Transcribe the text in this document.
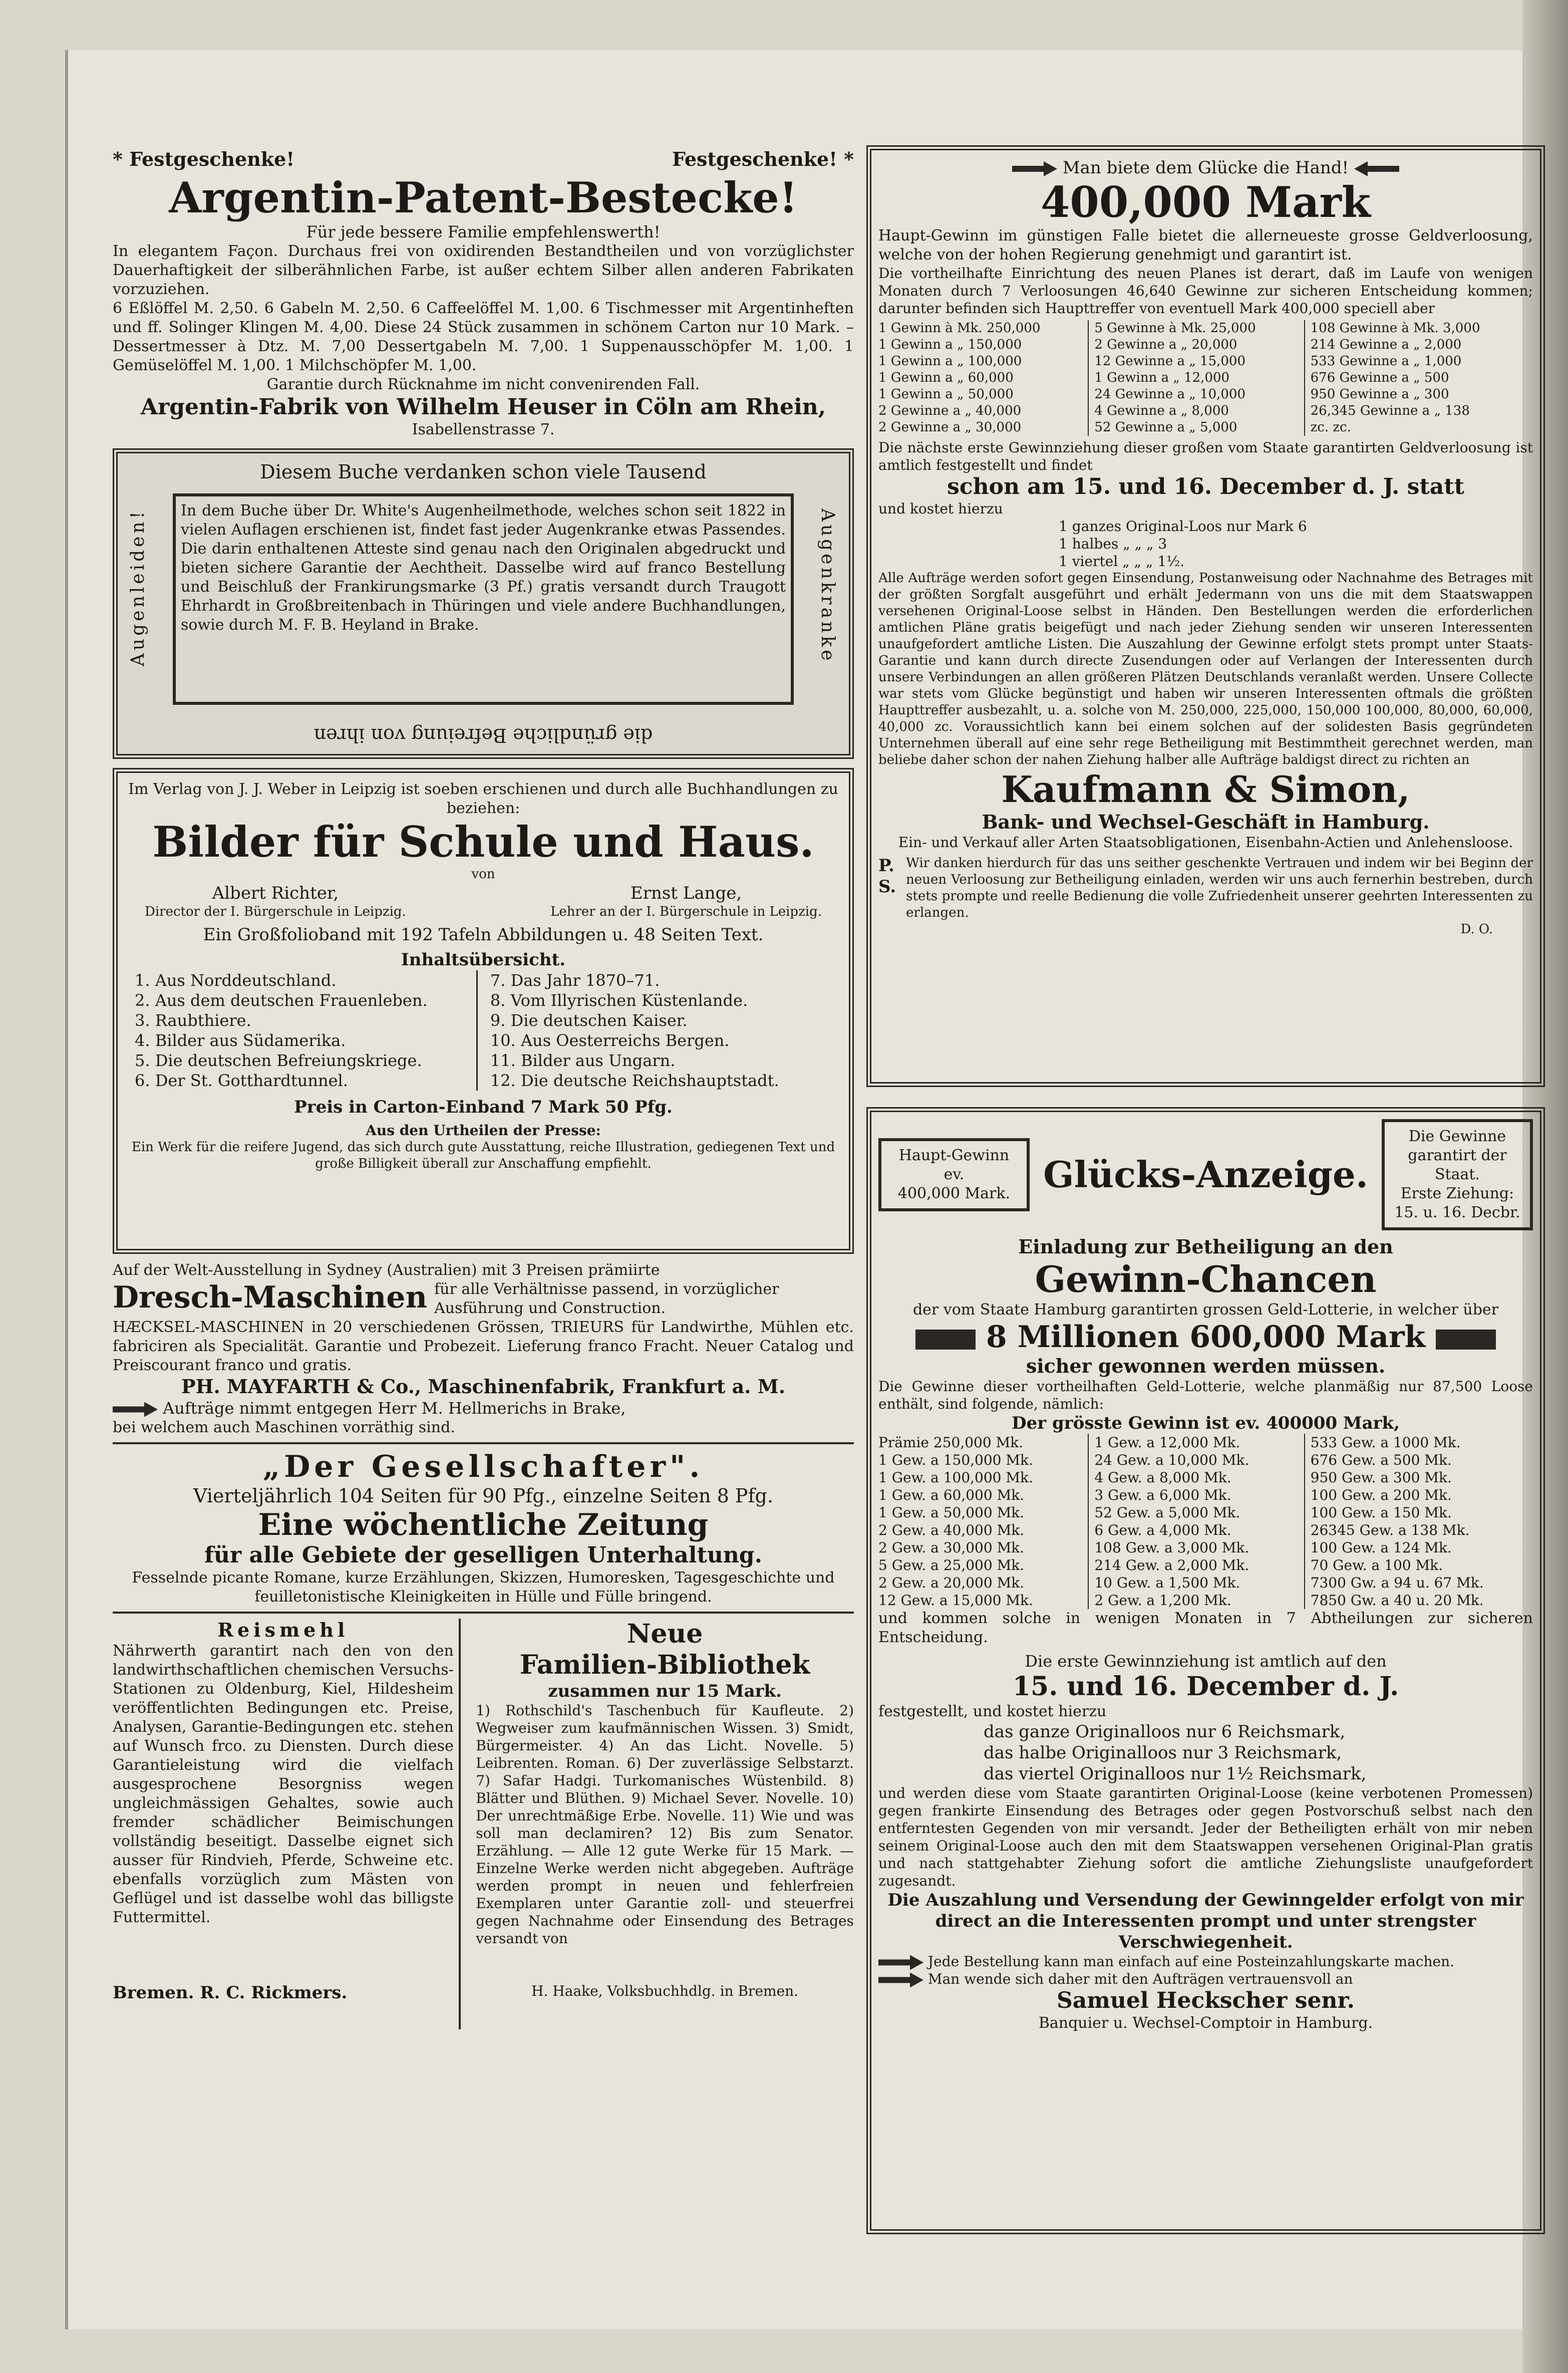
* Festgeschenke!	Festgeschenke! *
Argentin-Patent-Bestecke!
Für jede bessere Familie empfehlenswerth!
In elegantem Façon. Durchaus frei von oxidirenden Bestandtheilen und von vorzüglichster Dauerhaftigkeit der silberähnlichen Farbe, ist außer echtem Silber allen anderen Fabrikaten vorzuziehen.
6 Eßlöffel M. 2,50. 6 Gabeln M. 2,50. 6 Caffeelöffel M. 1,00. 6 Tischmesser mit Argentinheften und ff. Solinger Klingen M. 4,00. Diese 24 Stück zusammen in schönem Carton nur 10 Mark. – Dessertmesser à Dtz. M. 7,00 Dessertgabeln M. 7,00. 1 Suppenausschöpfer M. 1,00. 1 Gemüselöffel M. 1,00. 1 Milchschöpfer M. 1,00.
Garantie durch Rücknahme im nicht convenirenden Fall.
Argentin-Fabrik von Wilhelm Heuser in Cöln am Rhein,
Isabellenstrasse 7.
Diesem Buche verdanken schon viele Tausend
Augenleiden!	Augenkranke
In dem Buche über Dr. White's Augenheilmethode, welches schon seit 1822 in vielen Auflagen erschienen ist, findet fast jeder Augenkranke etwas Passendes. Die darin enthaltenen Atteste sind genau nach den Originalen abgedruckt und bieten sichere Garantie der Aechtheit. Dasselbe wird auf franco Bestellung und Beischluß der Frankirungsmarke (3 Pf.) gratis versandt durch Traugott Ehrhardt in Großbreitenbach in Thüringen und viele andere Buchhandlungen, sowie durch M. F. B. Heyland in Brake.
die gründliche Befreiung von ihren
Im Verlag von J. J. Weber in Leipzig ist soeben erschienen und durch alle Buchhandlungen zu beziehen:
Bilder für Schule und Haus.
von
Albert Richter,
Director der I. Bürgerschule in Leipzig.
Ernst Lange,
Lehrer an der I. Bürgerschule in Leipzig.
Ein Großfolioband mit 192 Tafeln Abbildungen u. 48 Seiten Text.
Inhaltsübersicht.
1. Aus Norddeutschland.
2. Aus dem deutschen Frauenleben.
3. Raubthiere.
4. Bilder aus Südamerika.
5. Die deutschen Befreiungskriege.
6. Der St. Gotthardtunnel.
7. Das Jahr 1870–71.
8. Vom Illyrischen Küstenlande.
9. Die deutschen Kaiser.
10. Aus Oesterreichs Bergen.
11. Bilder aus Ungarn.
12. Die deutsche Reichshauptstadt.
Preis in Carton-Einband 7 Mark 50 Pfg.
Aus den Urtheilen der Presse:
Ein Werk für die reifere Jugend, das sich durch gute Ausstattung, reiche Illustration, gediegenen Text und große Billigkeit überall zur Anschaffung empfiehlt.
Auf der Welt-Ausstellung in Sydney (Australien) mit 3 Preisen prämiirte
Dresch-Maschinen für alle Verhältnisse passend, in vorzüglicher Ausführung und Construction.
HÆCKSEL-MASCHINEN in 20 verschiedenen Grössen, TRIEURS für Landwirthe, Mühlen etc. fabriciren als Specialität. Garantie und Probezeit. Lieferung franco Fracht. Neuer Catalog und Preiscourant franco und gratis.
PH. MAYFARTH & Co., Maschinenfabrik, Frankfurt a. M.
Aufträge nimmt entgegen Herr M. Hellmerichs in Brake,
bei welchem auch Maschinen vorräthig sind.
„Der Gesellschafter".
Vierteljährlich 104 Seiten für 90 Pfg., einzelne Seiten 8 Pfg.
Eine wöchentliche Zeitung
für alle Gebiete der geselligen Unterhaltung.
Fesselnde picante Romane, kurze Erzählungen, Skizzen, Humoresken, Tagesgeschichte und feuilletonistische Kleinigkeiten in Hülle und Fülle bringend.
Reismehl
Nährwerth garantirt nach den von den landwirthschaftlichen chemischen Versuchs-Stationen zu Oldenburg, Kiel, Hildesheim veröffentlichten Bedingungen etc. Preise, Analysen, Garantie-Bedingungen etc. stehen auf Wunsch frco. zu Diensten. Durch diese Garantieleistung wird die vielfach ausgesprochene Besorgniss wegen ungleichmässigen Gehaltes, sowie auch fremder schädlicher Beimischungen vollständig beseitigt. Dasselbe eignet sich ausser für Rindvieh, Pferde, Schweine etc. ebenfalls vorzüglich zum Mästen von Geflügel und ist dasselbe wohl das billigste Futtermittel.
Bremen. R. C. Rickmers.
Neue
Familien-Bibliothek
zusammen nur 15 Mark.
1) Rothschild's Taschenbuch für Kaufleute. 2) Wegweiser zum kaufmännischen Wissen. 3) Smidt, Bürgermeister. 4) An das Licht. Novelle. 5) Leibrenten. Roman. 6) Der zuverlässige Selbstarzt. 7) Safar Hadgi. Turkomanisches Wüstenbild. 8) Blätter und Blüthen. 9) Michael Sever. Novelle. 10) Der unrechtmäßige Erbe. Novelle. 11) Wie und was soll man declamiren? 12) Bis zum Senator. Erzählung. — Alle 12 gute Werke für 15 Mark. — Einzelne Werke werden nicht abgegeben. Aufträge werden prompt in neuen und fehlerfreien Exemplaren unter Garantie zoll- und steuerfrei gegen Nachnahme oder Einsendung des Betrages versandt von
H. Haake, Volksbuchhdlg. in Bremen.
Man biete dem Glücke die Hand!
400,000 Mark
Haupt-Gewinn im günstigen Falle bietet die allerneueste grosse Geldverloosung, welche von der hohen Regierung genehmigt und garantirt ist.
Die vortheilhafte Einrichtung des neuen Planes ist derart, daß im Laufe von wenigen Monaten durch 7 Verloosungen 46,640 Gewinne zur sicheren Entscheidung kommen; darunter befinden sich Haupttreffer von eventuell Mark 400,000 speciell aber
1 Gewinn à Mk. 250,000
1 Gewinn a „ 150,000
1 Gewinn a „ 100,000
1 Gewinn a „ 60,000
1 Gewinn a „ 50,000
2 Gewinne a „ 40,000
2 Gewinne a „ 30,000
5 Gewinne à Mk. 25,000
2 Gewinne a „ 20,000
12 Gewinne a „ 15,000
1 Gewinn a „ 12,000
24 Gewinne a „ 10,000
4 Gewinne a „ 8,000
52 Gewinne a „ 5,000
108 Gewinne à Mk. 3,000
214 Gewinne a „ 2,000
533 Gewinne a „ 1,000
676 Gewinne a „ 500
950 Gewinne a „ 300
26,345 Gewinne a „ 138
zc. zc.
Die nächste erste Gewinnziehung dieser großen vom Staate garantirten Geldverloosung ist amtlich festgestellt und findet
schon am 15. und 16. December d. J. statt
und kostet hierzu
1 ganzes Original-Loos nur Mark 6
1 halbes „ „ „ 3
1 viertel „ „ „ 1½.
Alle Aufträge werden sofort gegen Einsendung, Postanweisung oder Nachnahme des Betrages mit der größten Sorgfalt ausgeführt und erhält Jedermann von uns die mit dem Staatswappen versehenen Original-Loose selbst in Händen. Den Bestellungen werden die erforderlichen amtlichen Pläne gratis beigefügt und nach jeder Ziehung senden wir unseren Interessenten unaufgefordert amtliche Listen. Die Auszahlung der Gewinne erfolgt stets prompt unter Staats-Garantie und kann durch directe Zusendungen oder auf Verlangen der Interessenten durch unsere Verbindungen an allen größeren Plätzen Deutschlands veranlaßt werden. Unsere Collecte war stets vom Glücke begünstigt und haben wir unseren Interessenten oftmals die größten Haupttreffer ausbezahlt, u. a. solche von M. 250,000, 225,000, 150,000 100,000, 80,000, 60,000, 40,000 zc. Voraussichtlich kann bei einem solchen auf der solidesten Basis gegründeten Unternehmen überall auf eine sehr rege Betheiligung mit Bestimmtheit gerechnet werden, man beliebe daher schon der nahen Ziehung halber alle Aufträge baldigst direct zu richten an
Kaufmann & Simon,
Bank- und Wechsel-Geschäft in Hamburg.
Ein- und Verkauf aller Arten Staatsobligationen, Eisenbahn-Actien und Anlehensloose.
P. S.
Wir danken hierdurch für das uns seither geschenkte Vertrauen und indem wir bei Beginn der neuen Verloosung zur Betheiligung einladen, werden wir uns auch fernerhin bestreben, durch stets prompte und reelle Bedienung die volle Zufriedenheit unserer geehrten Interessenten zu erlangen.
D. O.
Haupt-Gewinn
ev.
400,000 Mark. Glücks-Anzeige.
Die Gewinne garantirt der Staat.
Erste Ziehung:
15. u. 16. Decbr.
Einladung zur Betheiligung an den
Gewinn-Chancen
der vom Staate Hamburg garantirten grossen Geld-Lotterie, in welcher über
8 Millionen 600,000 Mark
sicher gewonnen werden müssen.
Die Gewinne dieser vortheilhaften Geld-Lotterie, welche planmäßig nur 87,500 Loose enthält, sind folgende, nämlich:
Der grösste Gewinn ist ev. 400000 Mark,
Prämie 250,000 Mk.
1 Gew. a 150,000 Mk.
1 Gew. a 100,000 Mk.
1 Gew. a 60,000 Mk.
1 Gew. a 50,000 Mk.
2 Gew. a 40,000 Mk.
2 Gew. a 30,000 Mk.
5 Gew. a 25,000 Mk.
2 Gew. a 20,000 Mk.
12 Gew. a 15,000 Mk.
1 Gew. a 12,000 Mk.
24 Gew. a 10,000 Mk.
4 Gew. a 8,000 Mk.
3 Gew. a 6,000 Mk.
52 Gew. a 5,000 Mk.
6 Gew. a 4,000 Mk.
108 Gew. a 3,000 Mk.
214 Gew. a 2,000 Mk.
10 Gew. a 1,500 Mk.
2 Gew. a 1,200 Mk.
533 Gew. a 1000 Mk.
676 Gew. a 500 Mk.
950 Gew. a 300 Mk.
100 Gew. a 200 Mk.
100 Gew. a 150 Mk.
26345 Gew. a 138 Mk.
100 Gew. a 124 Mk.
70 Gew. a 100 Mk.
7300 Gw. a 94 u. 67 Mk.
7850 Gw. a 40 u. 20 Mk.
und kommen solche in wenigen Monaten in 7 Abtheilungen zur sicheren Entscheidung.
Die erste Gewinnziehung ist amtlich auf den
15. und 16. December d. J.
festgestellt, und kostet hierzu
das ganze Originalloos nur 6 Reichsmark,
das halbe Originalloos nur 3 Reichsmark,
das viertel Originalloos nur 1½ Reichsmark,
und werden diese vom Staate garantirten Original-Loose (keine verbotenen Promessen) gegen frankirte Einsendung des Betrages oder gegen Postvorschuß selbst nach den entferntesten Gegenden von mir versandt. Jeder der Betheiligten erhält von mir neben seinem Original-Loose auch den mit dem Staatswappen versehenen Original-Plan gratis und nach stattgehabter Ziehung sofort die amtliche Ziehungsliste unaufgefordert zugesandt.
Die Auszahlung und Versendung der Gewinngelder erfolgt von mir direct an die Interessenten prompt und unter strengster Verschwiegenheit.
Jede Bestellung kann man einfach auf eine Posteinzahlungskarte machen.
Man wende sich daher mit den Aufträgen vertrauensvoll an
Samuel Heckscher senr.
Banquier u. Wechsel-Comptoir in Hamburg.
